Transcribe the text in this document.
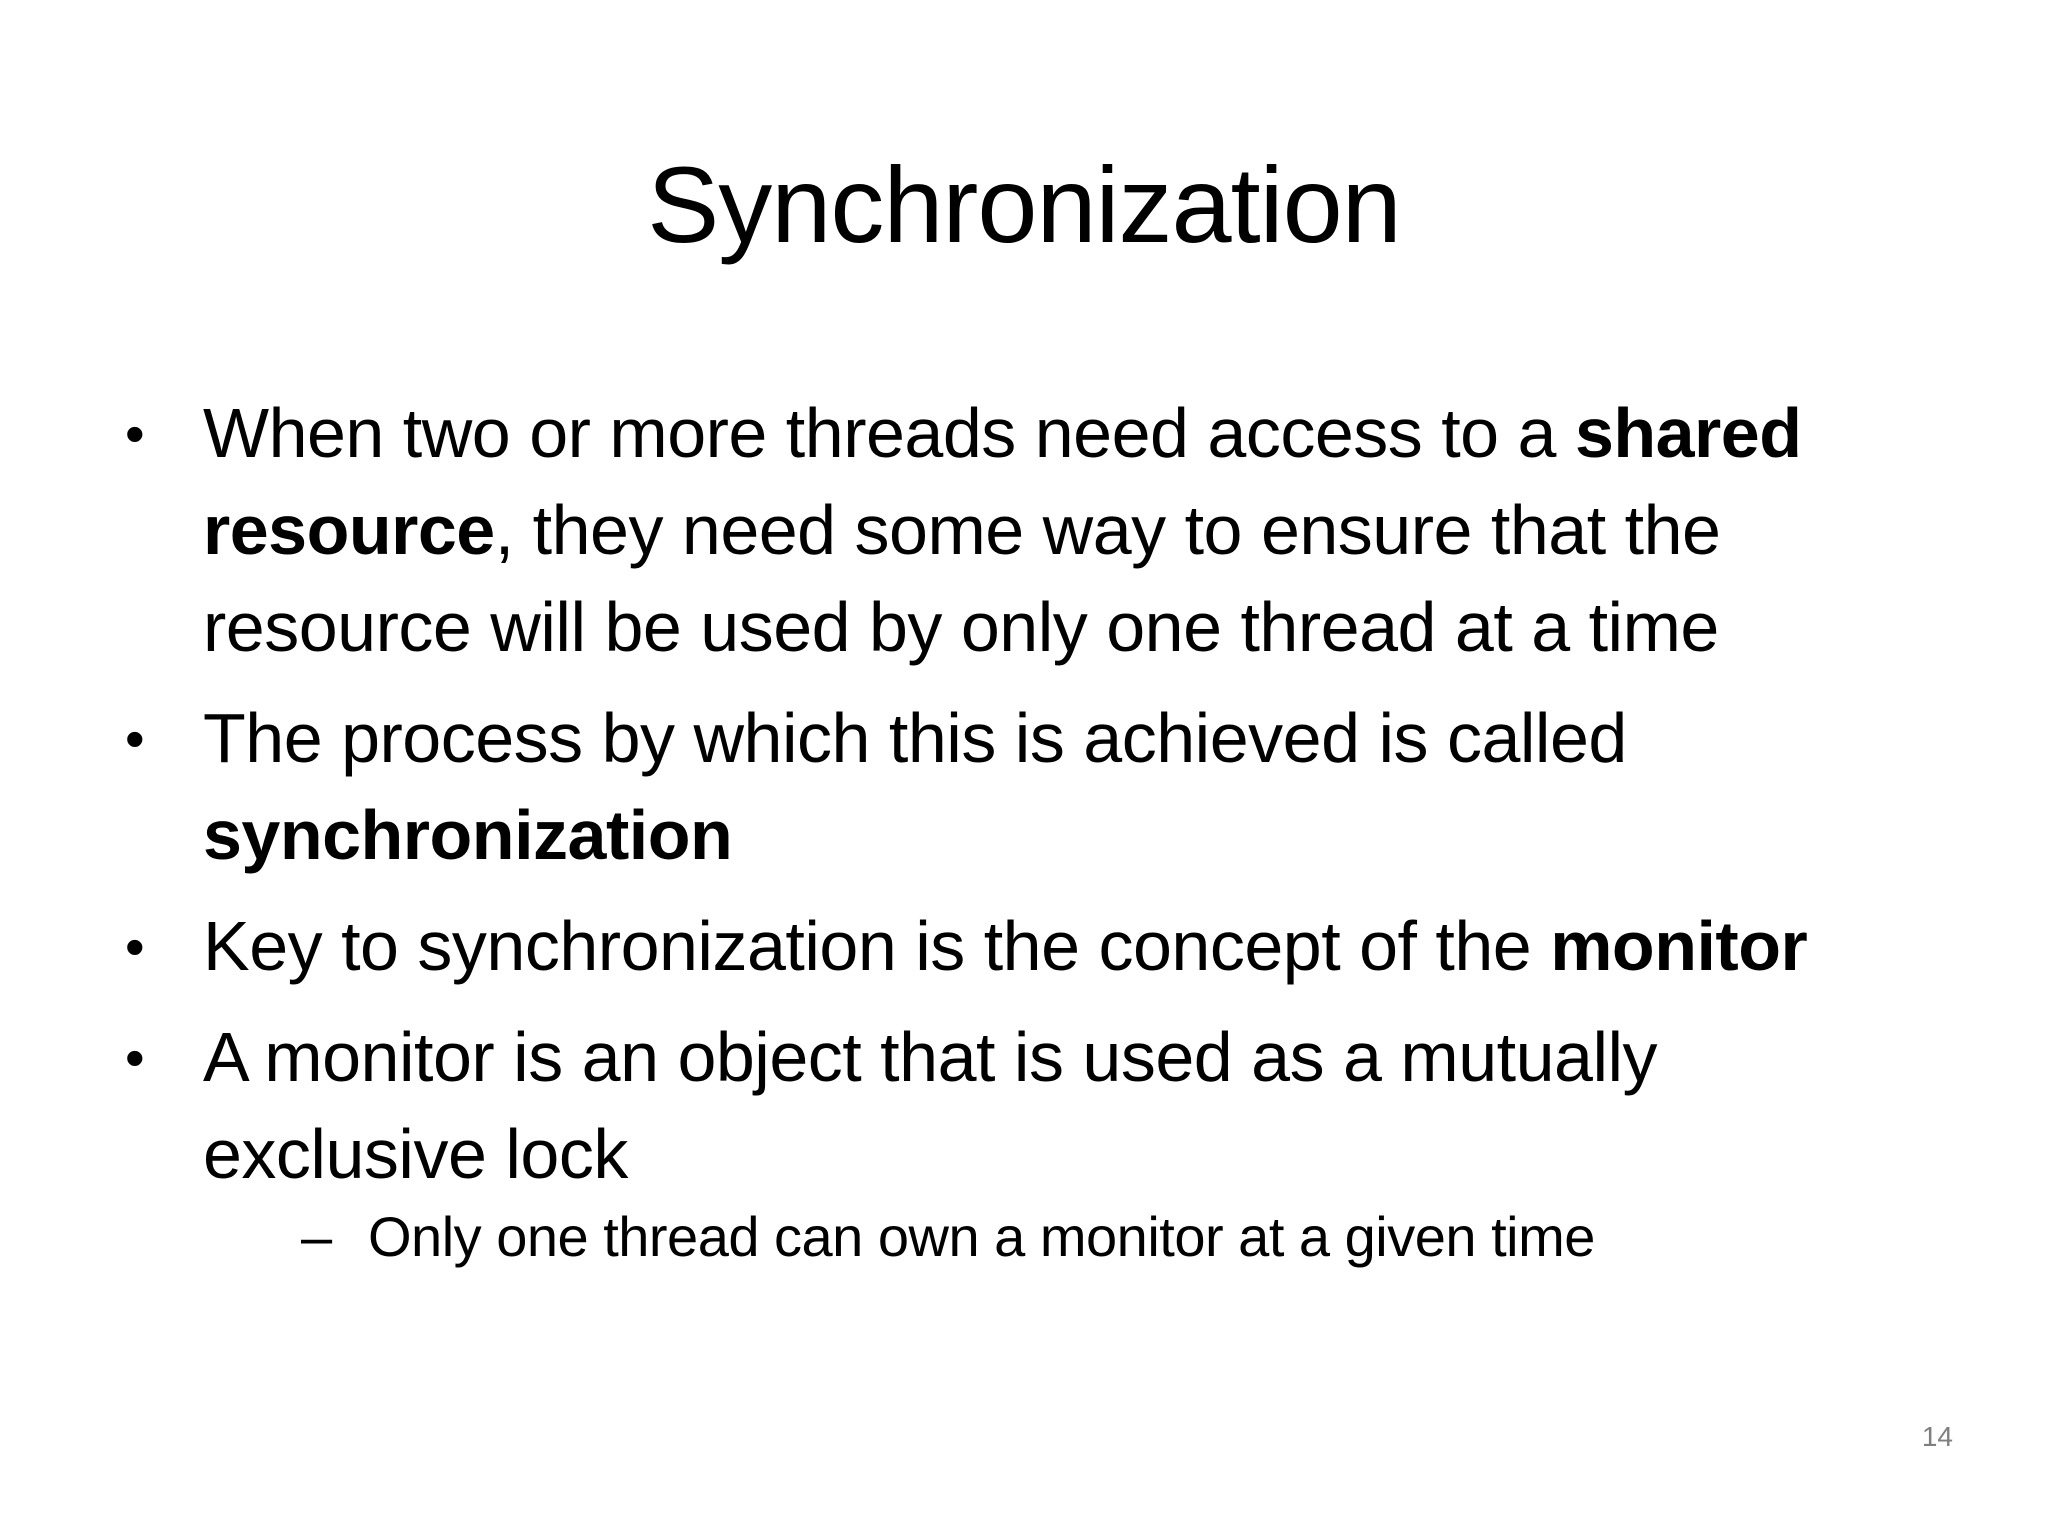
Synchronization
• When two or more threads need access to a shared resource, they need some way to ensure that the resource will be used by only one thread at a time
• The process by which this is achieved is called synchronization
• Key to synchronization is the concept of the monitor
• A monitor is an object that is used as a mutually exclusive lock
– Only one thread can own a monitor at a given time
14
